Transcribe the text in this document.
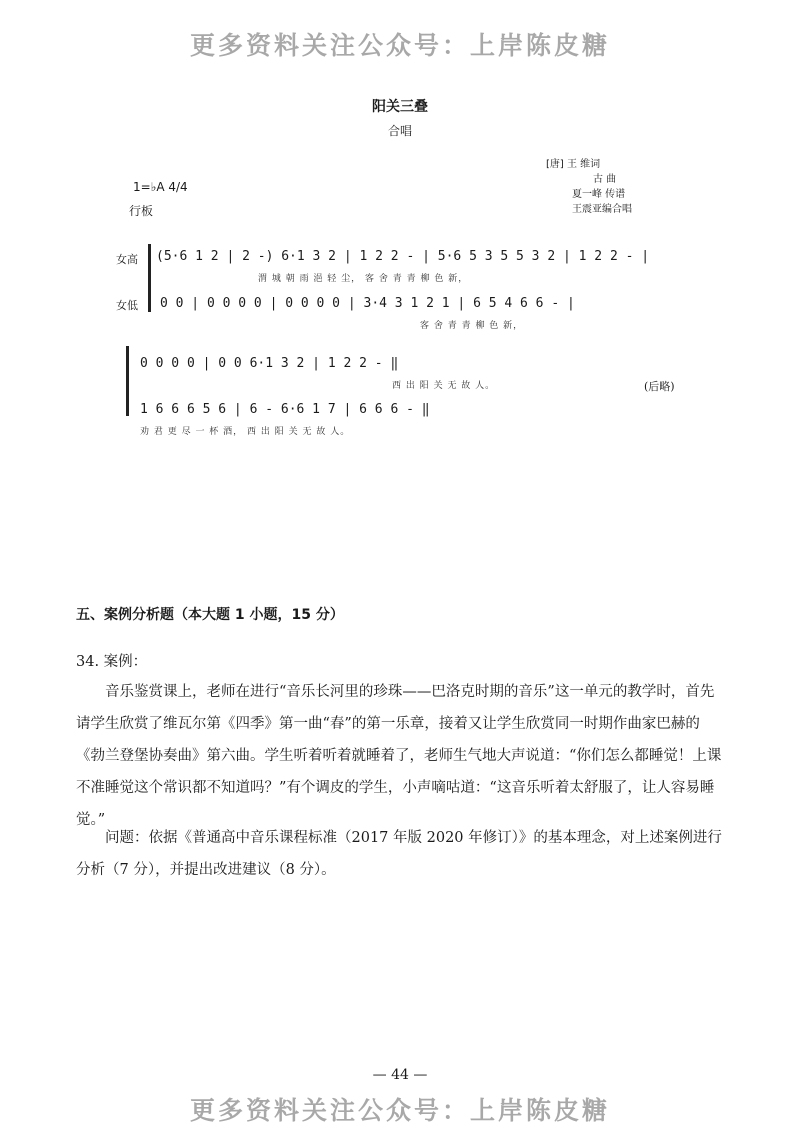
更多资料关注公众号：上岸陈皮糖
阳关三叠
合唱
[唐] 王 维词
古 曲
夏一峰 传谱
王震亚编合唱
1=♭A 4/4
行板
女高 (5·6 1 2 | 2 -) 6·1 3 2 | 1 2 2 - | 5·6 5 3 5 5 3 2 | 1 2 2 - |
渭 城 朝 雨 浥 轻 尘， 客 舍 青 青 柳 色 新，
女低 0 0 | 0 0 0 0 | 0 0 0 0 | 3·4 3 1 2 1 | 6 5 4 6 6 - |
客 舍 青 青 柳 色 新，
0 0 0 0 | 0 0 6·1 3 2 | 1 2 2 - ‖
西 出 阳 关 无 故 人。	(后略)
1 6 6 6 5 6 | 6 - 6·6 1 7 | 6 6 6 - ‖
劝 君 更 尽 一 杯 酒， 西 出 阳 关 无 故 人。
五、案例分析题（本大题 1 小题，15 分）
34. 案例：
音乐鉴赏课上，老师在进行“音乐长河里的珍珠——巴洛克时期的音乐”这一单元的教学时，首先请学生欣赏了维瓦尔第《四季》第一曲“春”的第一乐章，接着又让学生欣赏同一时期作曲家巴赫的《勃兰登堡协奏曲》第六曲。学生听着听着就睡着了，老师生气地大声说道：“你们怎么都睡觉！上课不准睡觉这个常识都不知道吗？”有个调皮的学生，小声嘀咕道：“这音乐听着太舒服了，让人容易睡觉。”
问题：依据《普通高中音乐课程标准（2017 年版 2020 年修订）》的基本理念，对上述案例进行分析（7 分），并提出改进建议（8 分）。
— 44 —
更多资料关注公众号：上岸陈皮糖
